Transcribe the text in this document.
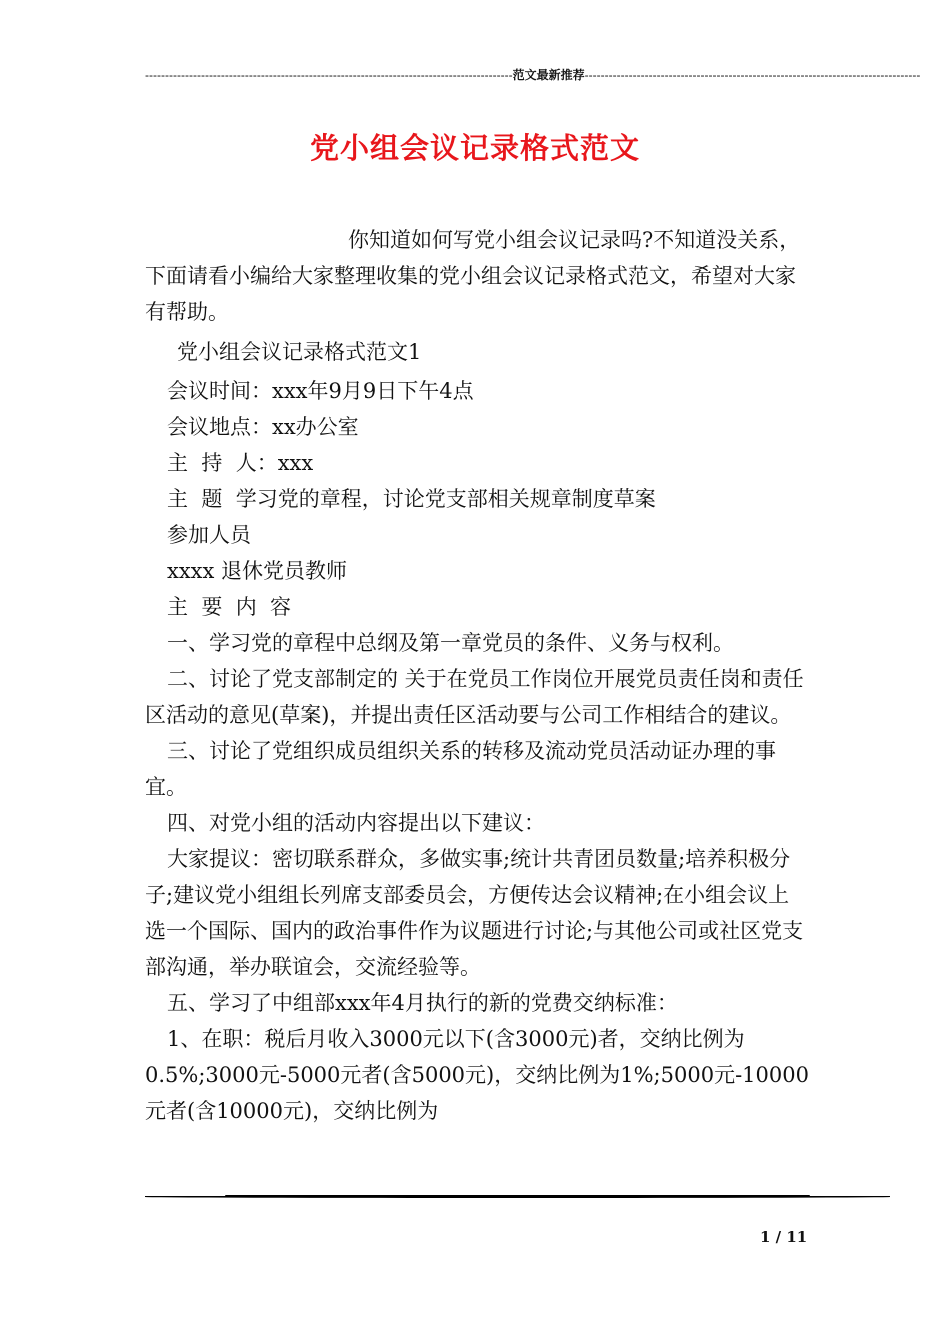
--------------------------------------------------------------------------------------------范文最新推荐------------------------------------------------------------------------------------
党小组会议记录格式范文

你知道如何写党小组会议记录吗?不知道没关系，下面请看小编给大家整理收集的党小组会议记录格式范文，希望对大家有帮助。

党小组会议记录格式范文1

会议时间：xxx年9月9日下午4点

会议地点：xx办公室

主  持  人：xxx

主  题  学习党的章程，讨论党支部相关规章制度草案

参加人员

xxxx 退休党员教师

主  要  内  容

一、学习党的章程中总纲及第一章党员的条件、义务与权利。

二、讨论了党支部制定的 关于在党员工作岗位开展党员责任岗和责任区活动的意见(草案)，并提出责任区活动要与公司工作相结合的建议。

三、讨论了党组织成员组织关系的转移及流动党员活动证办理的事宜。

四、对党小组的活动内容提出以下建议：

大家提议：密切联系群众，多做实事;统计共青团员数量;培养积极分子;建议党小组组长列席支部委员会，方便传达会议精神;在小组会议上选一个国际、国内的政治事件作为议题进行讨论;与其他公司或社区党支部沟通，举办联谊会，交流经验等。

五、学习了中组部xxx年4月执行的新的党费交纳标准：

1、在职：税后月收入3000元以下(含3000元)者，交纳比例为0.5%;3000元-5000元者(含5000元)，交纳比例为1%;5000元-10000元者(含10000元)，交纳比例为

1 / 11
